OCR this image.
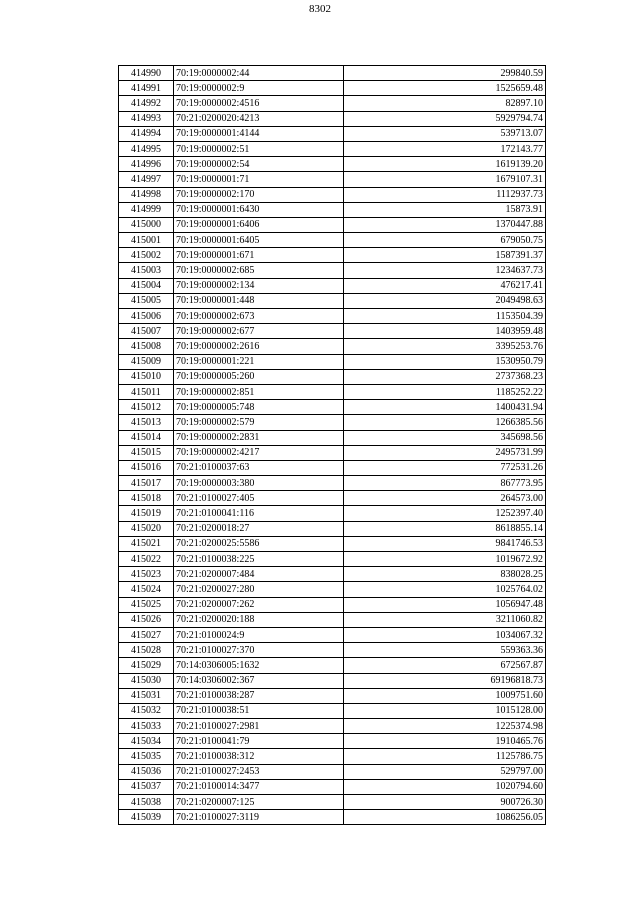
8302
414990	70:19:0000002:44	299840.59
414991	70:19:0000002:9	1525659.48
414992	70:19:0000002:4516	82897.10
414993	70:21:0200020:4213	5929794.74
414994	70:19:0000001:4144	539713.07
414995	70:19:0000002:51	172143.77
414996	70:19:0000002:54	1619139.20
414997	70:19:0000001:71	1679107.31
414998	70:19:0000002:170	1112937.73
414999	70:19:0000001:6430	15873.91
415000	70:19:0000001:6406	1370447.88
415001	70:19:0000001:6405	679050.75
415002	70:19:0000001:671	1587391.37
415003	70:19:0000002:685	1234637.73
415004	70:19:0000002:134	476217.41
415005	70:19:0000001:448	2049498.63
415006	70:19:0000002:673	1153504.39
415007	70:19:0000002:677	1403959.48
415008	70:19:0000002:2616	3395253.76
415009	70:19:0000001:221	1530950.79
415010	70:19:0000005:260	2737368.23
415011	70:19:0000002:851	1185252.22
415012	70:19:0000005:748	1400431.94
415013	70:19:0000002:579	1266385.56
415014	70:19:0000002:2831	345698.56
415015	70:19:0000002:4217	2495731.99
415016	70:21:0100037:63	772531.26
415017	70:19:0000003:380	867773.95
415018	70:21:0100027:405	264573.00
415019	70:21:0100041:116	1252397.40
415020	70:21:0200018:27	8618855.14
415021	70:21:0200025:5586	9841746.53
415022	70:21:0100038:225	1019672.92
415023	70:21:0200007:484	838028.25
415024	70:21:0200027:280	1025764.02
415025	70:21:0200007:262	1056947.48
415026	70:21:0200020:188	3211060.82
415027	70:21:0100024:9	1034067.32
415028	70:21:0100027:370	559363.36
415029	70:14:0306005:1632	672567.87
415030	70:14:0306002:367	69196818.73
415031	70:21:0100038:287	1009751.60
415032	70:21:0100038:51	1015128.00
415033	70:21:0100027:2981	1225374.98
415034	70:21:0100041:79	1910465.76
415035	70:21:0100038:312	1125786.75
415036	70:21:0100027:2453	529797.00
415037	70:21:0100014:3477	1020794.60
415038	70:21:0200007:125	900726.30
415039	70:21:0100027:3119	1086256.05
